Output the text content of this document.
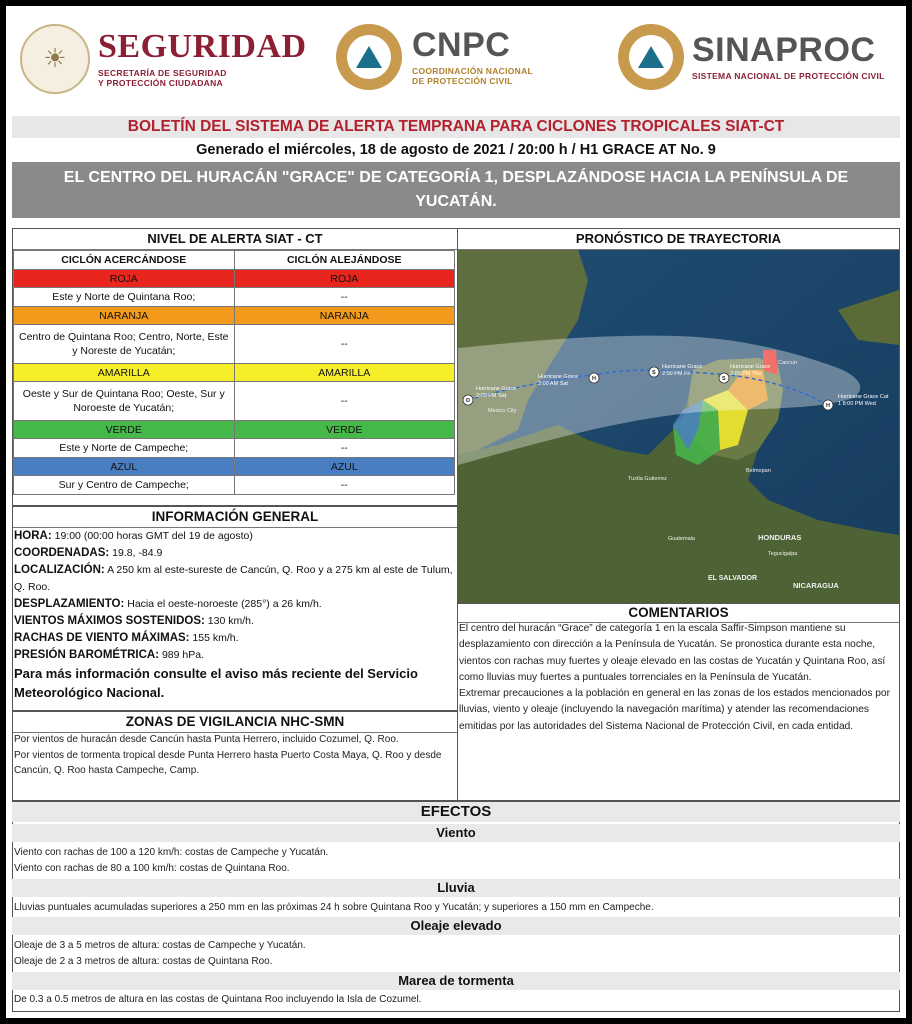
☀ SEGURIDAD
SECRETARÍA DE SEGURIDAD
Y PROTECCIÓN CIUDADANA
CNPC
COORDINACIÓN NACIONAL
DE PROTECCIÓN CIVIL
SINAPROC
SISTEMA NACIONAL DE PROTECCIÓN CIVIL
BOLETÍN DEL SISTEMA DE ALERTA TEMPRANA PARA CICLONES TROPICALES SIAT-CT
Generado el miércoles, 18 de agosto de 2021 / 20:00 h / H1 GRACE AT No. 9
EL CENTRO DEL HURACÁN "GRACE" DE CATEGORÍA 1, DESPLAZÁNDOSE HACIA LA PENÍNSULA DE YUCATÁN.
NIVEL DE ALERTA SIAT - CT
CICLÓN ACERCÁNDOSE	CICLÓN ALEJÁNDOSE
ROJA	ROJA
Este y Norte de Quintana Roo;	--
NARANJA	NARANJA
Centro de Quintana Roo; Centro, Norte, Este y Noreste de Yucatán;	--
AMARILLA	AMARILLA
Oeste y Sur de Quintana Roo; Oeste, Sur y Noroeste de Yucatán;	--
VERDE	VERDE
Este y Norte de Campeche;	--
AZUL	AZUL
Sur y Centro de Campeche;	--
INFORMACIÓN GENERAL
HORA: 19:00 (00:00 horas GMT del 19 de agosto)
COORDENADAS: 19.8, -84.9
LOCALIZACIÓN: A 250 km al este-sureste de Cancún, Q. Roo y a 275 km al este de Tulum, Q. Roo.
DESPLAZAMIENTO: Hacia el oeste-noroeste (285°) a 26 km/h.
VIENTOS MÁXIMOS SOSTENIDOS: 130 km/h.
RACHAS DE VIENTO MÁXIMAS: 155 km/h.
PRESIÓN BAROMÉTRICA: 989 hPa.
Para más información consulte el aviso más reciente del Servicio Meteorológico Nacional.
ZONAS DE VIGILANCIA NHC-SMN
Por vientos de huracán desde Cancún hasta Punta Herrero, incluido Cozumel, Q. Roo.
Por vientos de tormenta tropical desde Punta Herrero hasta Puerto Costa Maya, Q. Roo y desde Cancún, Q. Roo hasta Campeche, Camp.
PRONÓSTICO DE TRAYECTORIA
D
Hurricane Grace
2:00 PM Sat
H
Hurricane Grace
2:00 AM Sat
S
Hurricane Grace
2:00 PM Fri
S
Hurricane Grace
2:00 PM Thu
H
Hurricane Grace Cat
1 8:00 PM Wed
Cancun
Belmopan
Mexico City
Guatemala
Tuxtla Gutierrez
HONDURAS
Tegucigalpa
EL SALVADOR
NICARAGUA
COMENTARIOS
El centro del huracán “Grace” de categoría 1 en la escala Saffir-Simpson mantiene su desplazamiento con dirección a la Península de Yucatán. Se pronostica durante esta noche, vientos con rachas muy fuertes y oleaje elevado en las costas de Yucatán y Quintana Roo, así como lluvias muy fuertes a puntuales torrenciales en la Península de Yucatán.
Extremar precauciones a la población en general en las zonas de los estados mencionados por lluvias, viento y oleaje (incluyendo la navegación marítima) y atender las recomendaciones emitidas por las autoridades del Sistema Nacional de Protección Civil, en cada entidad.
EFECTOS
Viento
Viento con rachas de 100 a 120 km/h: costas de Campeche y Yucatán.
Viento con rachas de 80 a 100 km/h: costas de Quintana Roo.
Lluvia
Lluvias puntuales acumuladas superiores a 250 mm en las próximas 24 h sobre Quintana Roo y Yucatán; y superiores a 150 mm en Campeche.
Oleaje elevado
Oleaje de 3 a 5 metros de altura: costas de Campeche y Yucatán.
Oleaje de 2 a 3 metros de altura: costas de Quintana Roo.
Marea de tormenta
De 0.3 a 0.5 metros de altura en las costas de Quintana Roo incluyendo la Isla de Cozumel.
